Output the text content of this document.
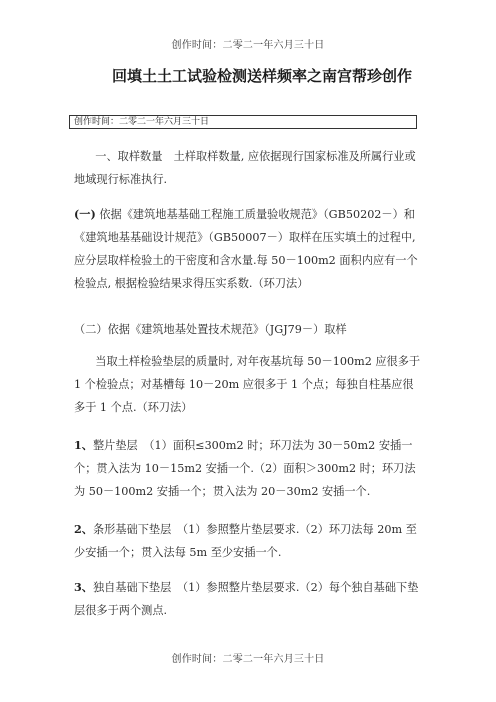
创作时间：二零二一年六月三十日
回填土土工试验检测送样频率之南宫帮珍创作
创作时间：二零二一年六月三十日

一、取样数量　土样取样数量, 应依据现行国家标准及所属行业或地域现行标准执行.

(一) 依据《建筑地基基础工程施工质量验收规范》（GB50202－）和《建筑地基基础设计规范》（GB50007－）取样在压实填土的过程中, 应分层取样检验土的干密度和含水量.每 50－100m2 面积内应有一个检验点, 根据检验结果求得压实系数.（环刀法）

（二）依据《建筑地基处置技术规范》（JGJ79－）取样

当取土样检验垫层的质量时, 对年夜基坑每 50－100m2 应很多于 1 个检验点；对基槽每 10－20m 应很多于 1 个点；每独自柱基应很多于 1 个点.（环刀法）

1、整片垫层　（1）面积≤300m2 时；环刀法为 30－50m2 安插一个；贯入法为 10－15m2 安插一个.（2）面积＞300m2 时；环刀法为 50－100m2 安插一个；贯入法为 20－30m2 安插一个.

2、条形基础下垫层　（1）参照整片垫层要求.（2）环刀法每 20m 至少安插一个；贯入法每 5m 至少安插一个.

3、独自基础下垫层　（1）参照整片垫层要求.（2）每个独自基础下垫层很多于两个测点.

创作时间：二零二一年六月三十日
